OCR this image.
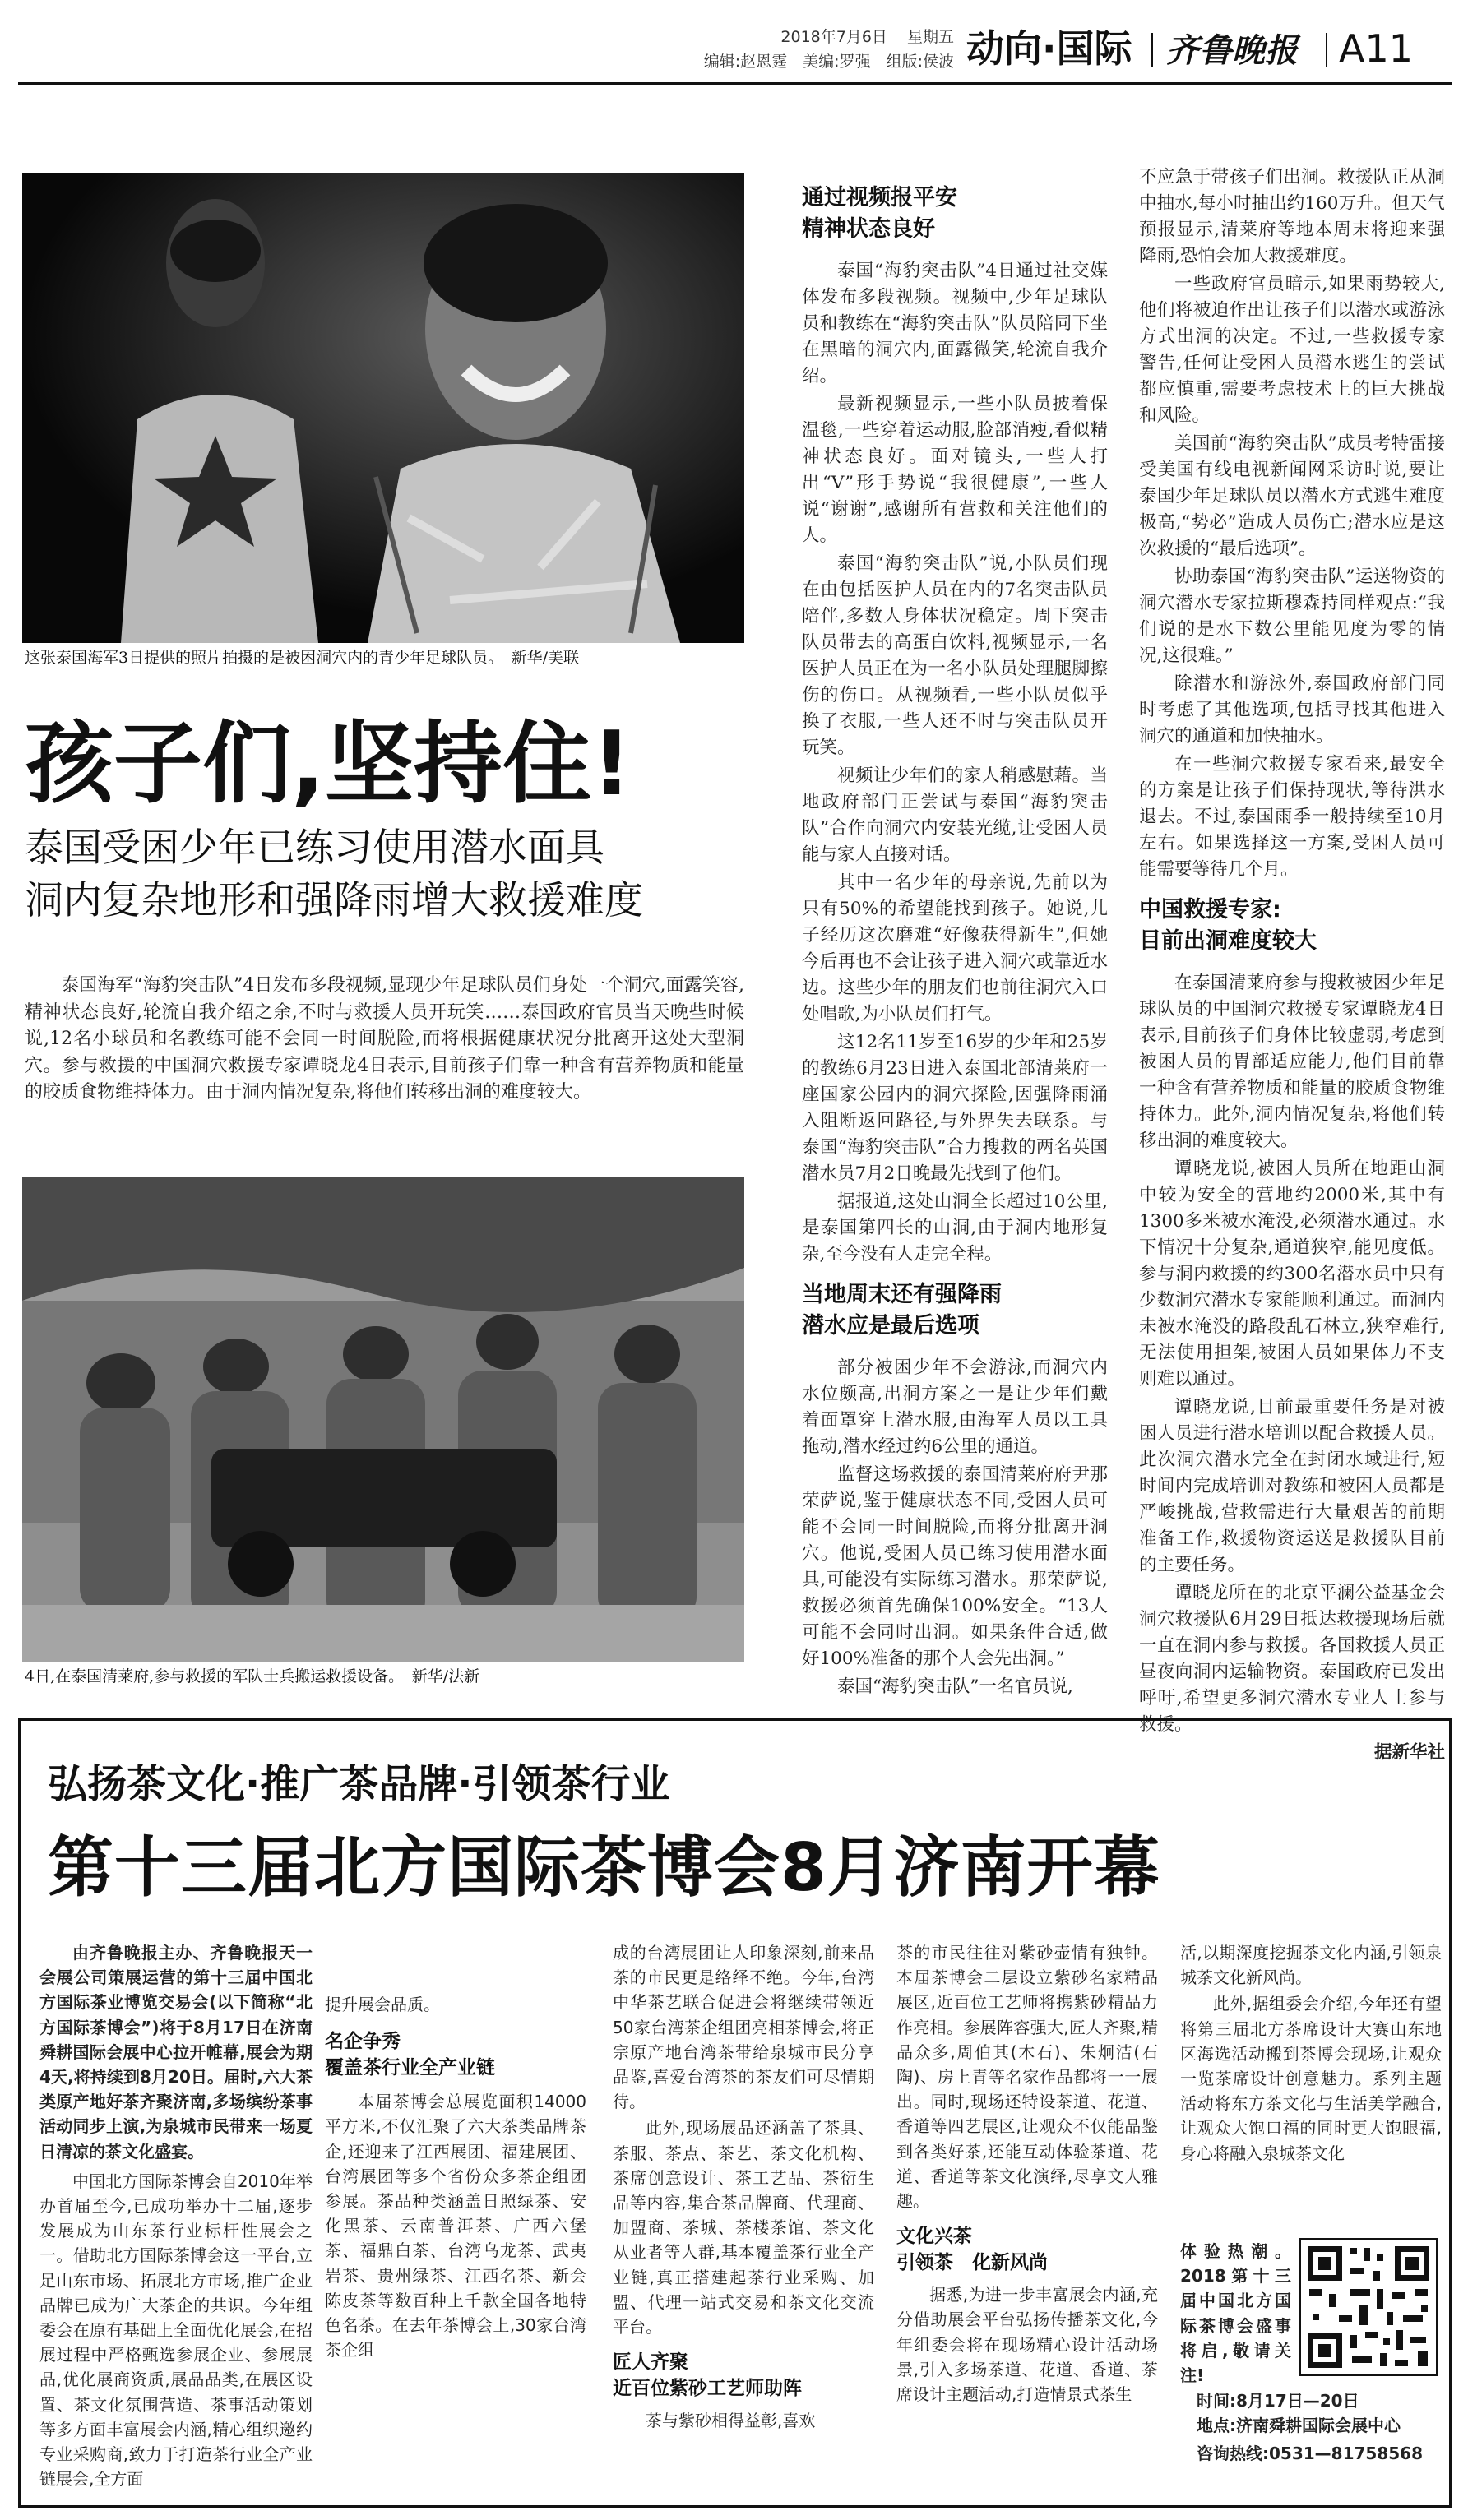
2018年7月6日 星期五
编辑:赵恩霆　美编:罗强　组版:侯波 动向·国际 齐鲁晚报 A11
这张泰国海军3日提供的照片拍摄的是被困洞穴内的青少年足球队员。　新华/美联
孩子们,坚持住!
泰国受困少年已练习使用潜水面具
洞内复杂地形和强降雨增大救援难度

泰国海军“海豹突击队”4日发布多段视频,显现少年足球队员们身处一个洞穴,面露笑容,精神状态良好,轮流自我介绍之余,不时与救援人员开玩笑……泰国政府官员当天晚些时候说,12名小球员和名教练可能不会同一时间脱险,而将根据健康状况分批离开这处大型洞穴。参与救援的中国洞穴救援专家谭晓龙4日表示,目前孩子们靠一种含有营养物质和能量的胶质食物维持体力。由于洞内情况复杂,将他们转移出洞的难度较大。

4日,在泰国清莱府,参与救援的军队士兵搬运救援设备。　新华/法新
通过视频报平安
精神状态良好

泰国“海豹突击队”4日通过社交媒体发布多段视频。视频中,少年足球队员和教练在“海豹突击队”队员陪同下坐在黑暗的洞穴内,面露微笑,轮流自我介绍。

最新视频显示,一些小队员披着保温毯,一些穿着运动服,脸部消瘦,看似精神状态良好。面对镜头,一些人打出“V”形手势说“我很健康”,一些人说“谢谢”,感谢所有营救和关注他们的人。

泰国“海豹突击队”说,小队员们现在由包括医护人员在内的7名突击队员陪伴,多数人身体状况稳定。周下突击队员带去的高蛋白饮料,视频显示,一名医护人员正在为一名小队员处理腿脚擦伤的伤口。从视频看,一些小队员似乎换了衣服,一些人还不时与突击队员开玩笑。

视频让少年们的家人稍感慰藉。当地政府部门正尝试与泰国“海豹突击队”合作向洞穴内安装光缆,让受困人员能与家人直接对话。

其中一名少年的母亲说,先前以为只有50%的希望能找到孩子。她说,儿子经历这次磨难“好像获得新生”,但她今后再也不会让孩子进入洞穴或靠近水边。这些少年的朋友们也前往洞穴入口处唱歌,为小队员们打气。

这12名11岁至16岁的少年和25岁的教练6月23日进入泰国北部清莱府一座国家公园内的洞穴探险,因强降雨涌入阻断返回路径,与外界失去联系。与泰国“海豹突击队”合力搜救的两名英国潜水员7月2日晚最先找到了他们。

据报道,这处山洞全长超过10公里,是泰国第四长的山洞,由于洞内地形复杂,至今没有人走完全程。

当地周末还有强降雨
潜水应是最后选项

部分被困少年不会游泳,而洞穴内水位颇高,出洞方案之一是让少年们戴着面罩穿上潜水服,由海军人员以工具拖动,潜水经过约6公里的通道。

监督这场救援的泰国清莱府府尹那荣萨说,鉴于健康状态不同,受困人员可能不会同一时间脱险,而将分批离开洞穴。他说,受困人员已练习使用潜水面具,可能没有实际练习潜水。那荣萨说,救援必须首先确保100%安全。“13人可能不会同时出洞。如果条件合适,做好100%准备的那个人会先出洞。”

泰国“海豹突击队”一名官员说,

不应急于带孩子们出洞。救援队正从洞中抽水,每小时抽出约160万升。但天气预报显示,清莱府等地本周末将迎来强降雨,恐怕会加大救援难度。

一些政府官员暗示,如果雨势较大,他们将被迫作出让孩子们以潜水或游泳方式出洞的决定。不过,一些救援专家警告,任何让受困人员潜水逃生的尝试都应慎重,需要考虑技术上的巨大挑战和风险。

美国前“海豹突击队”成员考特雷接受美国有线电视新闻网采访时说,要让泰国少年足球队员以潜水方式逃生难度极高,“势必”造成人员伤亡;潜水应是这次救援的“最后选项”。

协助泰国“海豹突击队”运送物资的洞穴潜水专家拉斯穆森持同样观点:“我们说的是水下数公里能见度为零的情况,这很难。”

除潜水和游泳外,泰国政府部门同时考虑了其他选项,包括寻找其他进入洞穴的通道和加快抽水。

在一些洞穴救援专家看来,最安全的方案是让孩子们保持现状,等待洪水退去。不过,泰国雨季一般持续至10月左右。如果选择这一方案,受困人员可能需要等待几个月。

中国救援专家:
目前出洞难度较大

在泰国清莱府参与搜救被困少年足球队员的中国洞穴救援专家谭晓龙4日表示,目前孩子们身体比较虚弱,考虑到被困人员的胃部适应能力,他们目前靠一种含有营养物质和能量的胶质食物维持体力。此外,洞内情况复杂,将他们转移出洞的难度较大。

谭晓龙说,被困人员所在地距山洞中较为安全的营地约2000米,其中有1300多米被水淹没,必须潜水通过。水下情况十分复杂,通道狭窄,能见度低。参与洞内救援的约300名潜水员中只有少数洞穴潜水专家能顺利通过。而洞内未被水淹没的路段乱石林立,狭窄难行,无法使用担架,被困人员如果体力不支则难以通过。

谭晓龙说,目前最重要任务是对被困人员进行潜水培训以配合救援人员。此次洞穴潜水完全在封闭水域进行,短时间内完成培训对教练和被困人员都是严峻挑战,营救需进行大量艰苦的前期准备工作,救援物资运送是救援队目前的主要任务。

谭晓龙所在的北京平澜公益基金会洞穴救援队6月29日抵达救援现场后就一直在洞内参与救援。各国救援人员正昼夜向洞内运输物资。泰国政府已发出呼吁,希望更多洞穴潜水专业人士参与救援。

据新华社
弘扬茶文化·推广茶品牌·引领茶行业
第十三届北方国际茶博会8月济南开幕

由齐鲁晚报主办、齐鲁晚报天一会展公司策展运营的第十三届中国北方国际茶业博览交易会(以下简称“北方国际茶博会”)将于8月17日在济南舜耕国际会展中心拉开帷幕,展会为期4天,将持续到8月20日。届时,六大茶类原产地好茶齐聚济南,多场缤纷茶事活动同步上演,为泉城市民带来一场夏日清凉的茶文化盛宴。

中国北方国际茶博会自2010年举办首届至今,已成功举办十二届,逐步发展成为山东茶行业标杆性展会之一。借助北方国际茶博会这一平台,立足山东市场、拓展北方市场,推广企业品牌已成为广大茶企的共识。今年组委会在原有基础上全面优化展会,在招展过程中严格甄选参展企业、参展展品,优化展商资质,展品品类,在展区设置、茶文化氛围营造、茶事活动策划等多方面丰富展会内涵,精心组织邀约专业采购商,致力于打造茶行业全产业链展会,全方面

提升展会品质。

名企争秀
覆盖茶行业全产业链

本届茶博会总展览面积14000平方米,不仅汇聚了六大茶类品牌茶企,还迎来了江西展团、福建展团、台湾展团等多个省份众多茶企组团参展。茶品种类涵盖日照绿茶、安化黑茶、云南普洱茶、广西六堡茶、福鼎白茶、台湾乌龙茶、武夷岩茶、贵州绿茶、江西名茶、新会陈皮茶等数百种上千款全国各地特色名茶。在去年茶博会上,30家台湾茶企组

成的台湾展团让人印象深刻,前来品茶的市民更是络绎不绝。今年,台湾中华茶艺联合促进会将继续带领近50家台湾茶企组团亮相茶博会,将正宗原产地台湾茶带给泉城市民分享品鉴,喜爱台湾茶的茶友们可尽情期待。

此外,现场展品还涵盖了茶具、茶服、茶点、茶艺、茶文化机构、茶席创意设计、茶工艺品、茶衍生品等内容,集合茶品牌商、代理商、加盟商、茶城、茶楼茶馆、茶文化从业者等人群,基本覆盖茶行业全产业链,真正搭建起茶行业采购、加盟、代理一站式交易和茶文化交流平台。

匠人齐聚
近百位紫砂工艺师助阵

茶与紫砂相得益彰,喜欢

茶的市民往往对紫砂壶情有独钟。本届茶博会二层设立紫砂名家精品展区,近百位工艺师将携紫砂精品力作亮相。参展阵容强大,匠人齐聚,精品众多,周伯其(木石)、朱炯洁(石陶)、房上青等名家作品都将一一展出。同时,现场还特设茶道、花道、香道等四艺展区,让观众不仅能品鉴到各类好茶,还能互动体验茶道、花道、香道等茶文化演绎,尽享文人雅趣。

文化兴茶
引领茶　化新风尚

据悉,为进一步丰富展会内涵,充分借助展会平台弘扬传播茶文化,今年组委会将在现场精心设计活动场景,引入多场茶道、花道、香道、茶席设计主题活动,打造情景式茶生

活,以期深度挖掘茶文化内涵,引领泉城茶文化新风尚。

此外,据组委会介绍,今年还有望将第三届北方茶席设计大赛山东地区海选活动搬到茶博会现场,让观众一览茶席设计创意魅力。系列主题活动将东方茶文化与生活美学融合,让观众大饱口福的同时更大饱眼福,身心将融入泉城茶文化

体验热潮。2018第十三届中国北方国际茶博会盛事将启,敬请关注!

时间:8月17日—20日
地点:济南舜耕国际会展中心
咨询热线:0531—81758568
